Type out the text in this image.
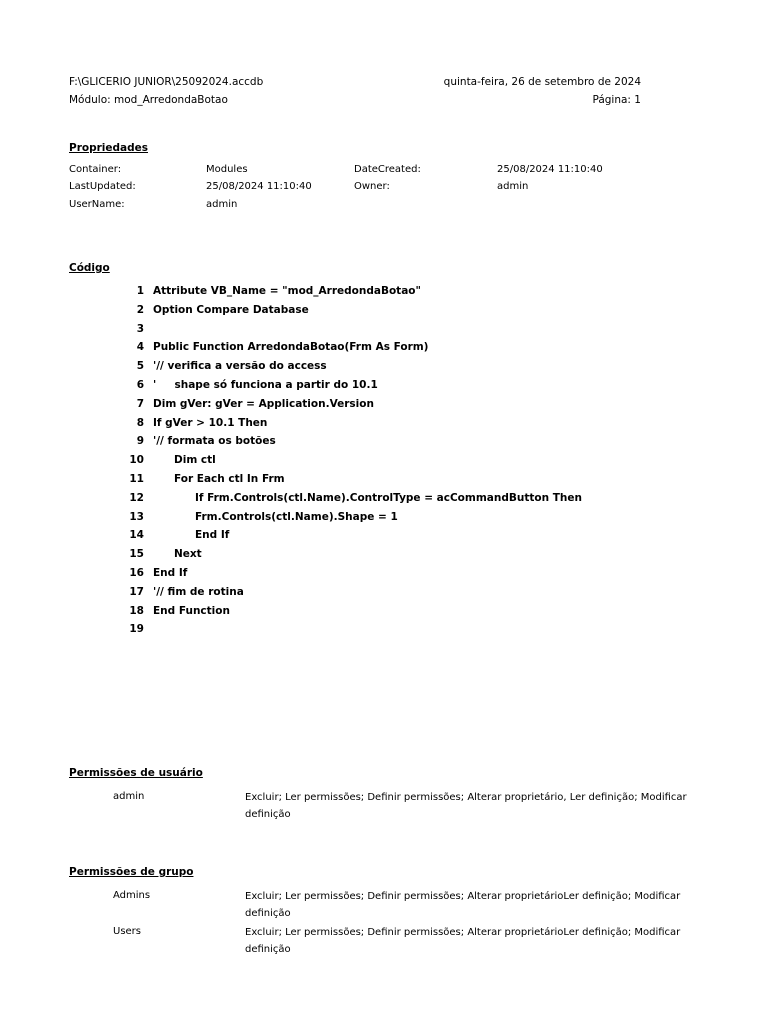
F:\GLICERIO JUNIOR\25092024.accdb	quinta-feira, 26 de setembro de 2024
Módulo: mod_ArredondaBotao	Página: 1
Propriedades
Container:	Modules	DateCreated:	25/08/2024 11:10:40
LastUpdated:	25/08/2024 11:10:40	Owner:	admin
UserName:	admin
Código
1 Attribute VB_Name = "mod_ArredondaBotao"
2 Option Compare Database
3
4 Public Function ArredondaBotao(Frm As Form)
5 '// verifica a versão do access
6 '     shape só funciona a partir do 10.1
7 Dim gVer: gVer = Application.Version
8 If gVer > 10.1 Then
9 '// formata os botões
10	Dim ctl
11	For Each ctl In Frm
12	If Frm.Controls(ctl.Name).ControlType = acCommandButton Then
13	Frm.Controls(ctl.Name).Shape = 1
14	End If
15	Next
16 End If
17 '// fim de rotina
18 End Function
19
Permissões de usuário
admin	Excluir; Ler permissões; Definir permissões; Alterar proprietário, Ler definição; Modificar definição
Permissões de grupo
Admins	Excluir; Ler permissões; Definir permissões; Alterar proprietárioLer definição; Modificar definição
Users	Excluir; Ler permissões; Definir permissões; Alterar proprietárioLer definição; Modificar definição
